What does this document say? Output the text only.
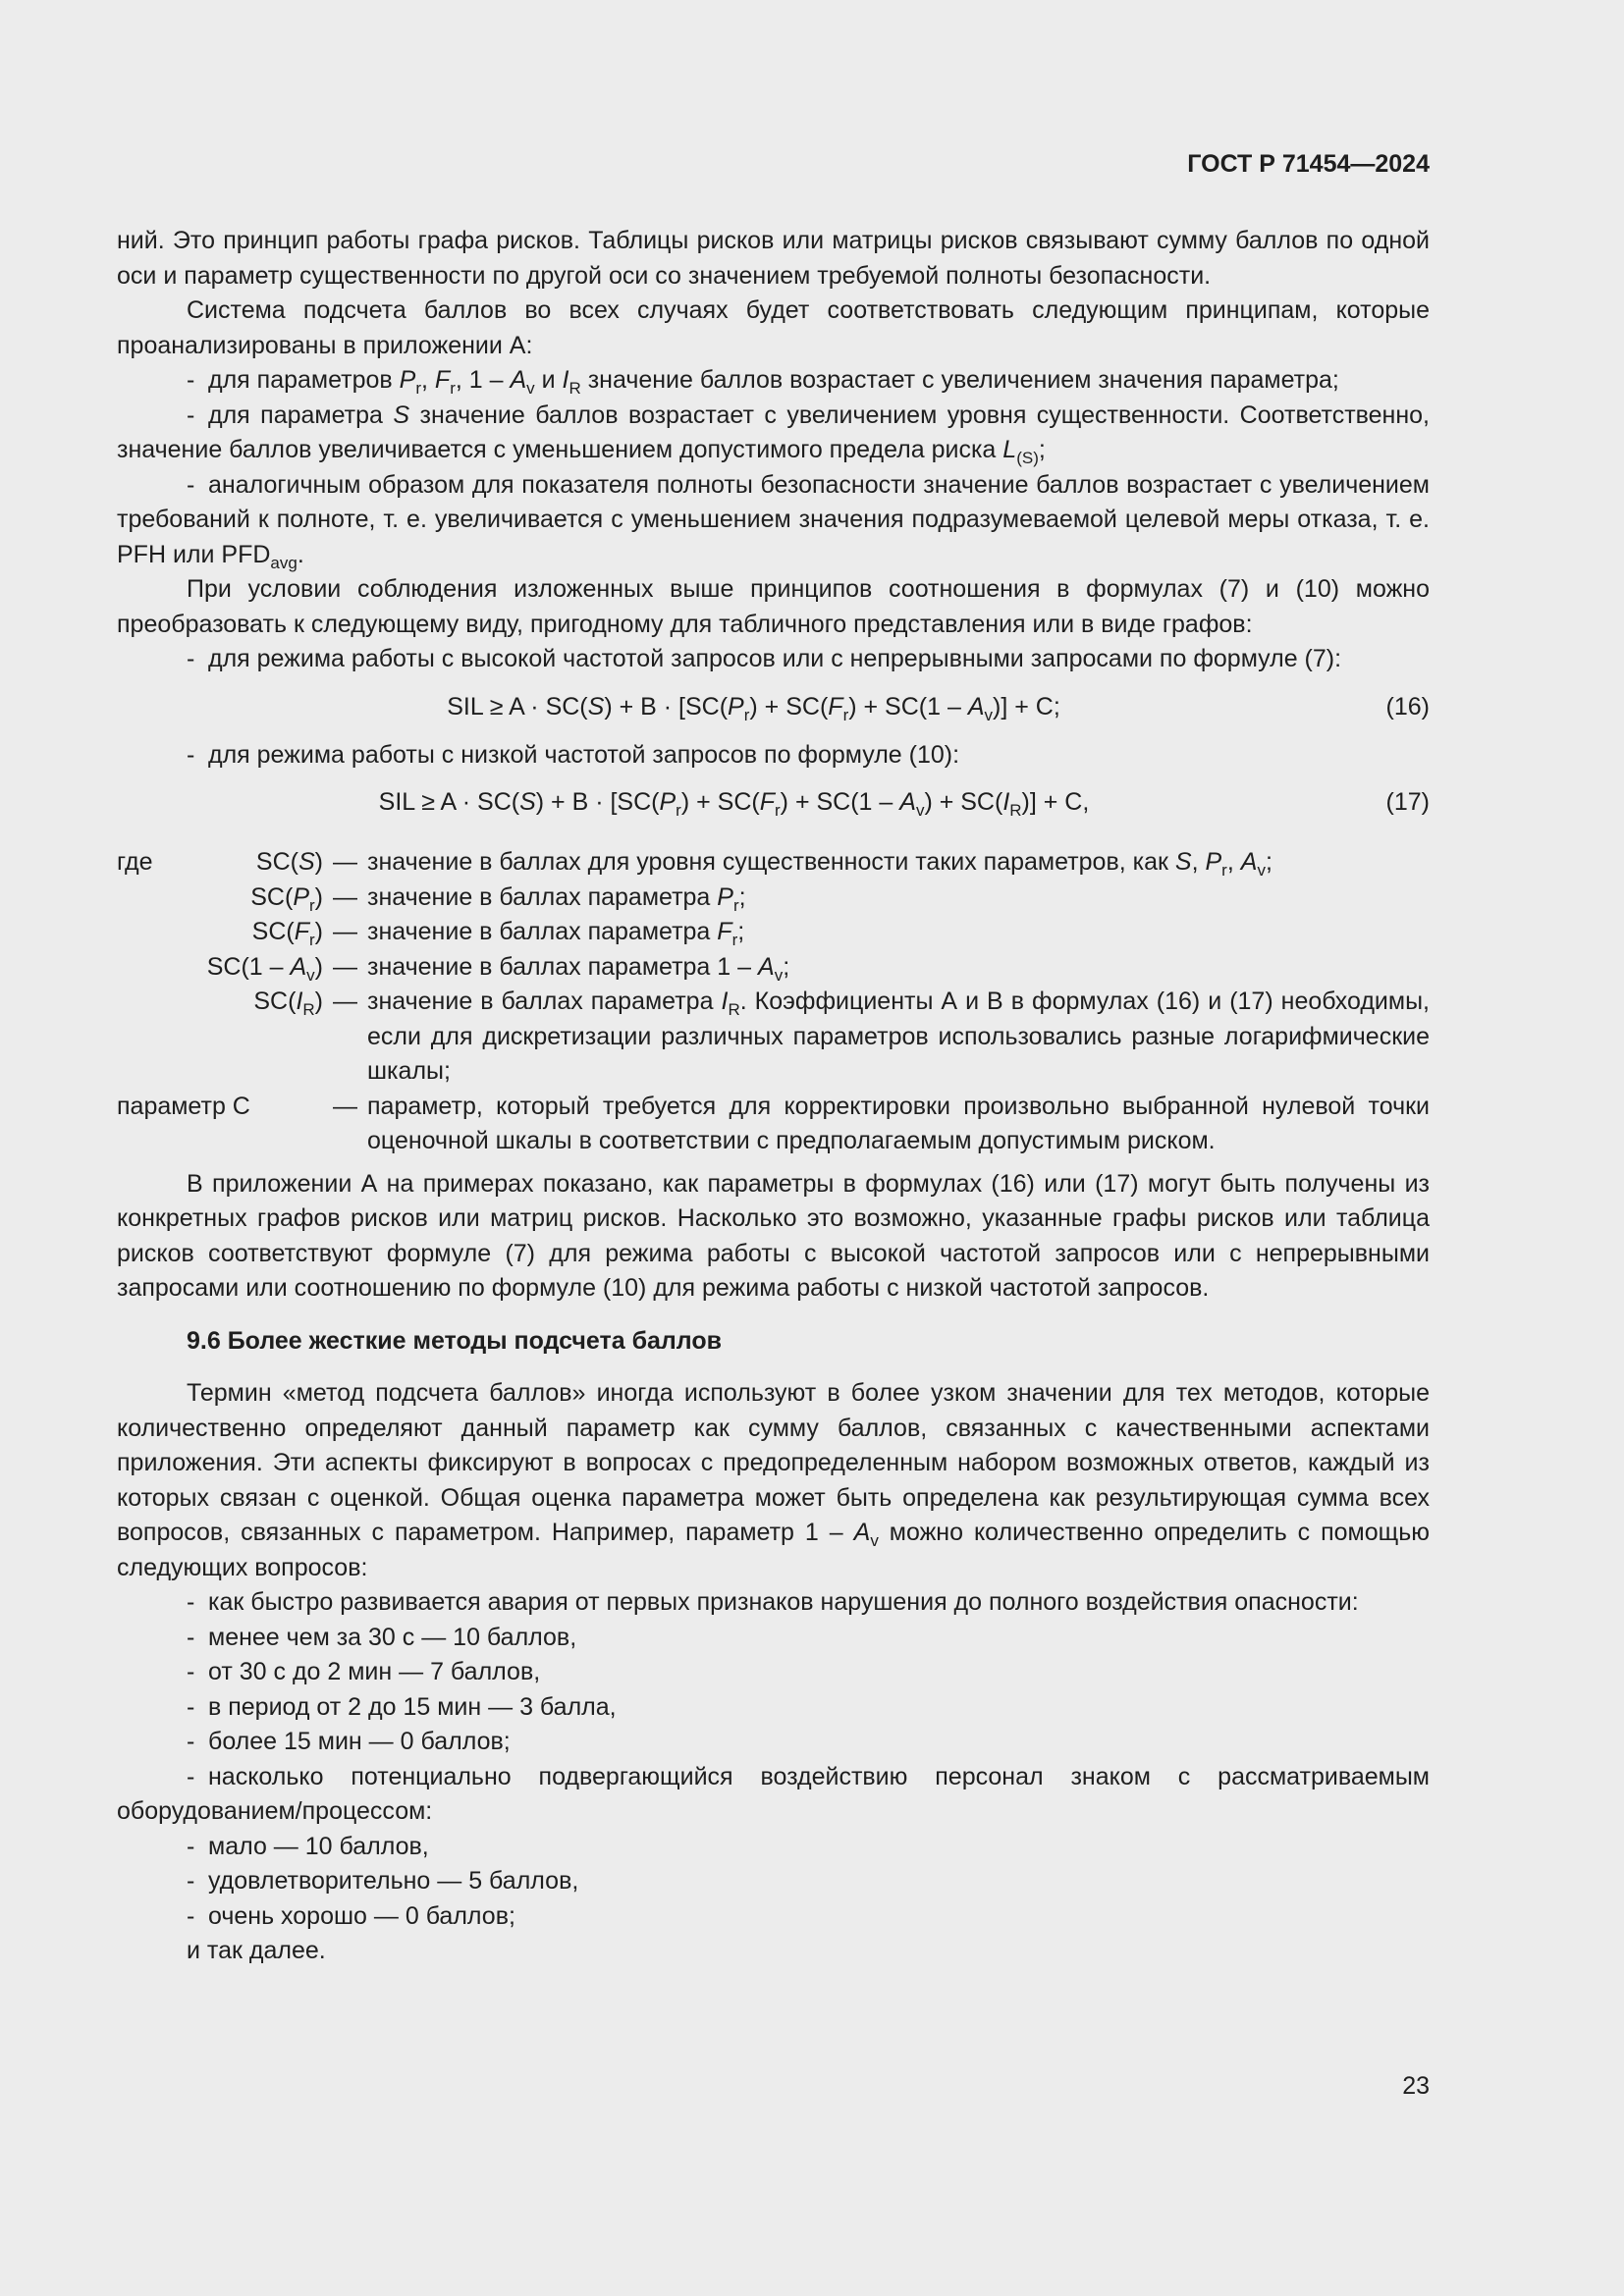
ГОСТ Р 71454—2024

ний. Это принцип работы графа рисков. Таблицы рисков или матрицы рисков связывают сумму баллов по одной оси и параметр существенности по другой оси со значением требуемой полноты безопасности.

Система подсчета баллов во всех случаях будет соответствовать следующим принципам, которые проанализированы в приложении А:

- для параметров $P_r$, $F_r$, $1 - A_v$ и $I_R$ значение баллов возрастает с увеличением значения параметра;

- для параметра S значение баллов возрастает с увеличением уровня существенности. Соответственно, значение баллов увеличивается с уменьшением допустимого предела риска $L_{(S)}$;

- аналогичным образом для показателя полноты безопасности значение баллов возрастает с увеличением требований к полноте, т. е. увеличивается с уменьшением значения подразумеваемой целевой меры отказа, т. е. PFH или $PFD_{avg}$.

При условии соблюдения изложенных выше принципов соотношения в формулах (7) и (10) можно преобразовать к следующему виду, пригодному для табличного представления или в виде графов:

- для режима работы с высокой частотой запросов или с непрерывными запросами по формуле (7):

SIL ≥ $A \cdot SC(S) + B \cdot [SC(P_r) + SC(F_r) + SC(1 - A_v)] + C$;	(16)

- для режима работы с низкой частотой запросов по формуле (10):

SIL ≥ $A \cdot SC(S) + B \cdot [SC(P_r) + SC(F_r) + SC(1 - A_v) + SC(I_R)] + C$,	(17)
где	SC(S) — значение в баллах для уровня существенности таких параметров, как S, $P_r$, $A_v$;
$SC(P_r)$ — значение в баллах параметра $P_r$;
$SC(F_r)$ — значение в баллах параметра $F_r$;
$SC(1 - A_v)$ — значение в баллах параметра $1 - A_v$;
$SC(I_R)$ — значение в баллах параметра $I_R$. Коэффициенты А и В в формулах (16) и (17) необходимы, если для дискретизации различных параметров использовались разные логарифмические шкалы;
параметр С	— параметр, который требуется для корректировки произвольно выбранной нулевой точки оценочной шкалы в соответствии с предполагаемым допустимым риском.

В приложении А на примерах показано, как параметры в формулах (16) или (17) могут быть получены из конкретных графов рисков или матриц рисков. Насколько это возможно, указанные графы рисков или таблица рисков соответствуют формуле (7) для режима работы с высокой частотой запросов или с непрерывными запросами или соотношению по формуле (10) для режима работы с низкой частотой запросов.

9.6 Более жесткие методы подсчета баллов

Термин «метод подсчета баллов» иногда используют в более узком значении для тех методов, которые количественно определяют данный параметр как сумму баллов, связанных с качественными аспектами приложения. Эти аспекты фиксируют в вопросах с предопределенным набором возможных ответов, каждый из которых связан с оценкой. Общая оценка параметра может быть определена как результирующая сумма всех вопросов, связанных с параметром. Например, параметр $1 - A_v$ можно количественно определить с помощью следующих вопросов:

- как быстро развивается авария от первых признаков нарушения до полного воздействия опасности:

- менее чем за 30 с — 10 баллов,

- от 30 с до 2 мин — 7 баллов,

- в период от 2 до 15 мин — 3 балла,

- более 15 мин — 0 баллов;

- насколько потенциально подвергающийся воздействию персонал знаком с рассматриваемым оборудованием/процессом:

- мало — 10 баллов,

- удовлетворительно — 5 баллов,

- очень хорошо — 0 баллов;

и так далее.

23
